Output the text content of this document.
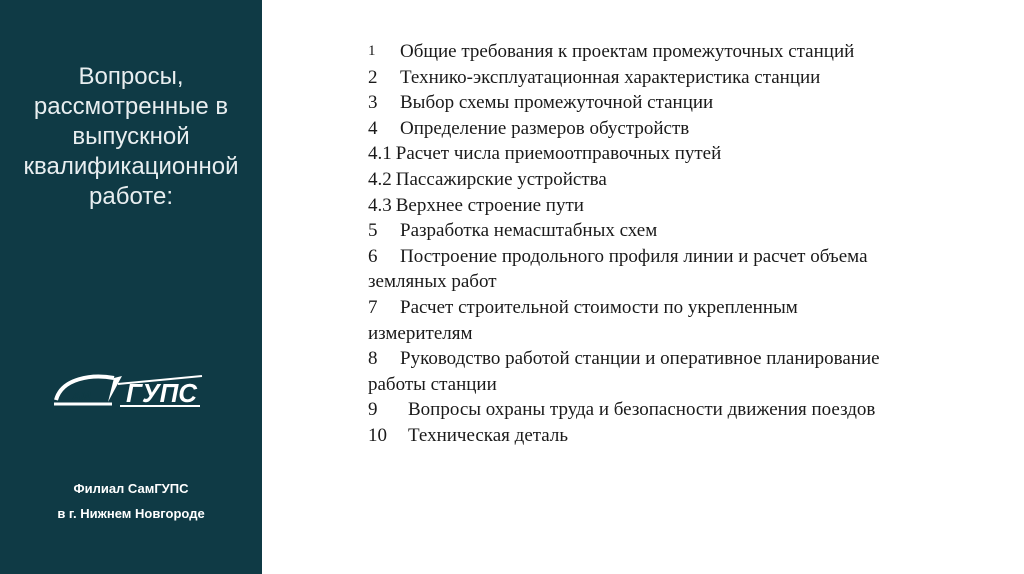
Вопросы,
рассмотренные в
выпускной
квалификационной
работе:
АМ ГУПС
Филиал СамГУПС
в г. Нижнем Новгороде
1	Общие требования к проектам промежуточных станций
2	Технико-эксплуатационная характеристика станции
3	Выбор схемы промежуточной станции
4	Определение размеров обустройств
4.1 Расчет числа приемоотправочных путей
4.2 Пассажирские устройства
4.3 Верхнее строение пути
5	Разработка немасштабных схем
6	Построение продольного профиля линии и расчет объема земляных работ
7	Расчет строительной стоимости по укрепленным измерителям
8	Руководство работой станции и оперативное планирование работы станции
9	Вопросы охраны труда и безопасности движения поездов
10	Техническая деталь
